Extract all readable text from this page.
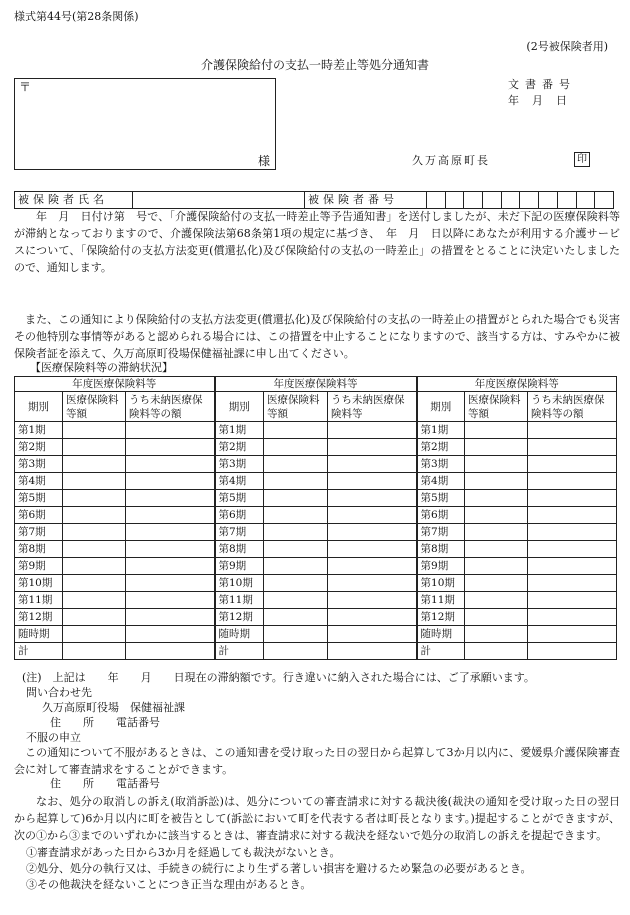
様式第44号(第28条関係)
(2号被保険者用)
介護保険給付の支払一時差止等処分通知書
〒
様
文書番号
年　月　日
久万高原町長	印
被保険者氏名		被保険者番号										
年　月　日付け第　号で、「介護保険給付の支払一時差止等予告通知書」を送付しましたが、未だ下記の医療保険料等が滞納となっておりますので、介護保険法第68条第1項の規定に基づき、　年　月　日以降にあなたが利用する介護サービスについて、「保険給付の支払方法変更(償還払化)及び保険給付の支払の一時差止」の措置をとることに決定いたしましたので、通知します。
また、この通知により保険給付の支払方法変更(償還払化)及び保険給付の支払の一時差止の措置がとられた場合でも災害その他特別な事情等があると認められる場合には、この措置を中止することになりますので、該当する方は、すみやかに被保険者証を添えて、久万高原町役場保健福祉課に申し出てください。
【医療保険料等の滞納状況】
年度医療保険料等			年度医療保険料等			年度医療保険料等		
期別	医療保険料等額	うち未納医療保険料等の額	期別	医療保険料等額	うち未納医療保険料等	期別	医療保険料等額	うち未納医療保険料等の額
第1期			第1期			第1期		
第2期			第2期			第2期		
第3期			第3期			第3期		
第4期			第4期			第4期		
第5期			第5期			第5期		
第6期			第6期			第6期		
第7期			第7期			第7期		
第8期			第8期			第8期		
第9期			第9期			第9期		
第10期			第10期			第10期		
第11期			第11期			第11期		
第12期			第12期			第12期		
随時期			随時期			随時期		
計			計			計		
(注)　上記は　　年　　月　　日現在の滞納額です。行き違いに納入された場合には、ご了承願います。
問い合わせ先
久万高原町役場　保健福祉課
住　　所　　電話番号
不服の申立
この通知について不服があるときは、この通知書を受け取った日の翌日から起算して3か月以内に、愛媛県介護保険審査会に対して審査請求をすることができます。
住　　所　　電話番号
なお、処分の取消しの訴え(取消訴訟)は、処分についての審査請求に対する裁決後(裁決の通知を受け取った日の翌日から起算して)6か月以内に町を被告として(訴訟において町を代表する者は町長となります。)提起することができますが、次の①から③までのいずれかに該当するときは、審査請求に対する裁決を経ないで処分の取消しの訴えを提起できます。
①審査請求があった日から3か月を経過しても裁決がないとき。
②処分、処分の執行又は、手続きの続行により生ずる著しい損害を避けるため緊急の必要があるとき。
③その他裁決を経ないことにつき正当な理由があるとき。
